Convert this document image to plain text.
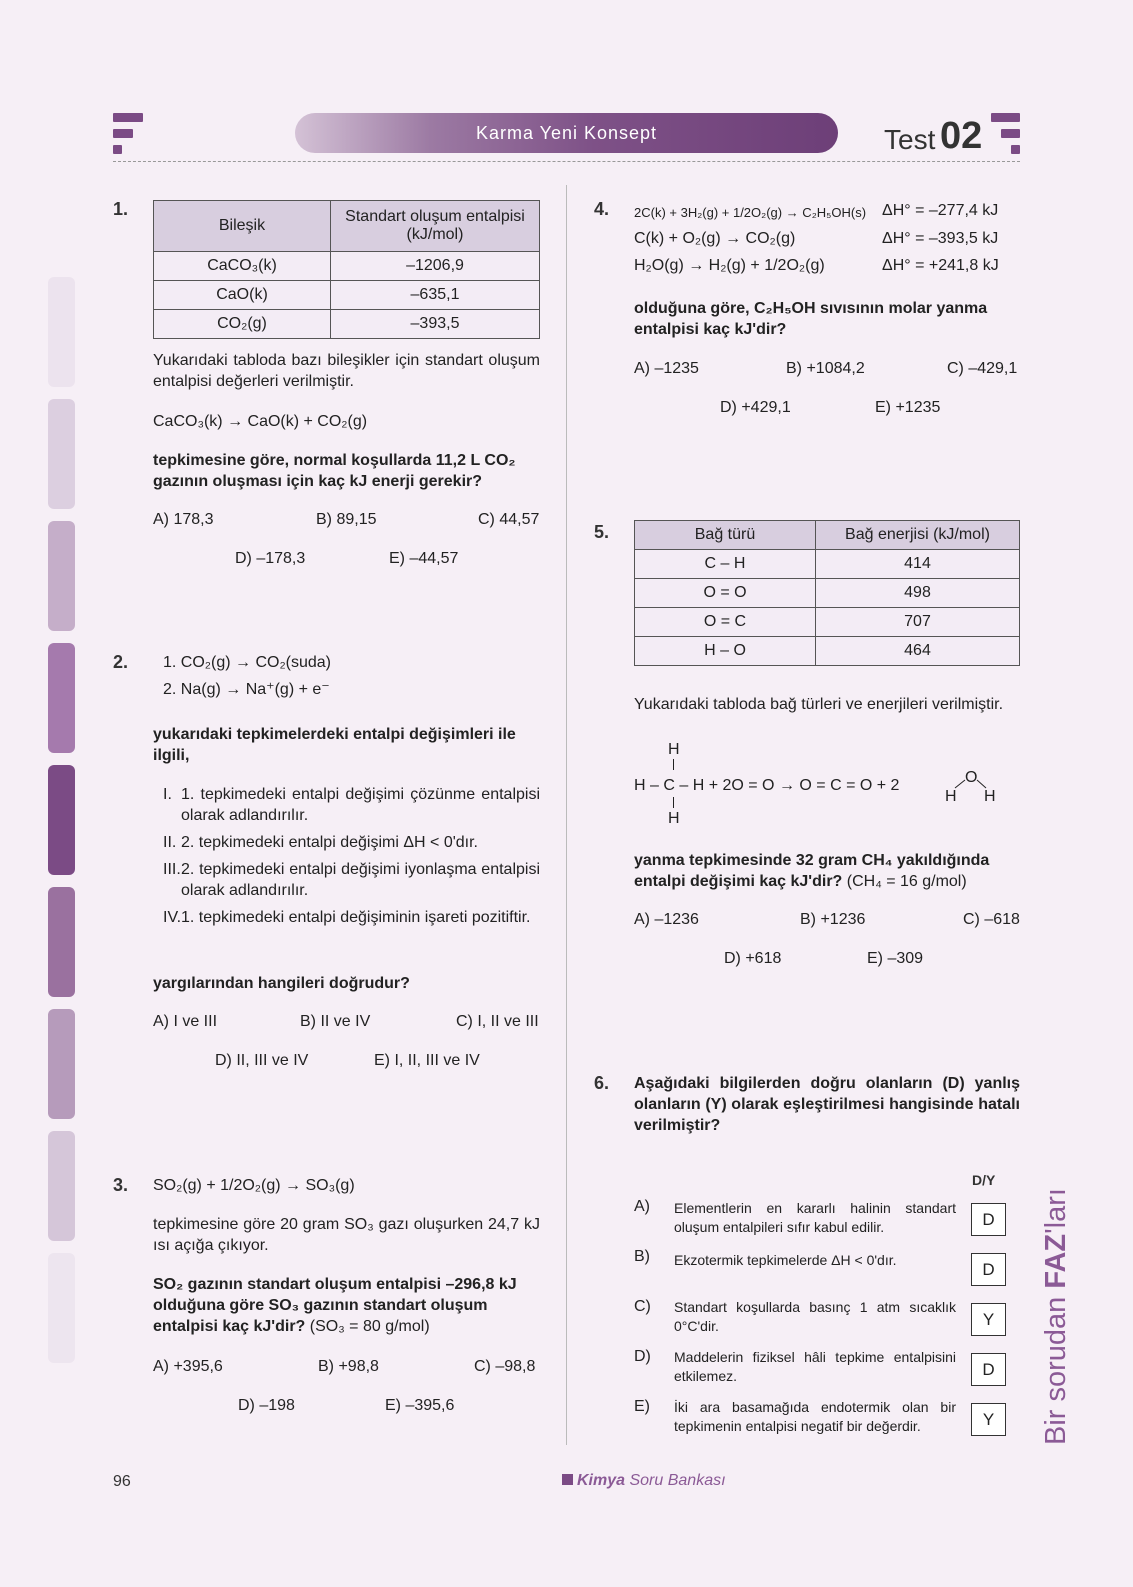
Karma Yeni Konsept	Test 02
1.
Bileşik	Standart oluşum entalpisi (kJ/mol)
CaCO₃(k)	–1206,9
CaO(k)	–635,1
CO₂(g)	–393,5
Yukarıdaki tabloda bazı bileşikler için standart oluşum entalpisi değerleri verilmiştir.
CaCO₃(k) → CaO(k) + CO₂(g)
tepkimesine göre, normal koşullarda 11,2 L CO₂ gazının oluşması için kaç kJ enerji gerekir?
A) 178,3	B) 89,15	C) 44,57
D) –178,3	E) –44,57
2. 1. CO₂(g) → CO₂(suda)
2. Na(g) → Na⁺(g) + e⁻
yukarıdaki tepkimelerdeki entalpi değişimleri ile ilgili,
I. 1. tepkimedeki entalpi değişimi çözünme entalpisi olarak adlandırılır.
II. 2. tepkimedeki entalpi değişimi ΔH < 0'dır.
III. 2. tepkimedeki entalpi değişimi iyonlaşma entalpisi olarak adlandırılır.
IV. 1. tepkimedeki entalpi değişiminin işareti pozitiftir.
yargılarından hangileri doğrudur?
A) I ve III	B) II ve IV	C) I, II ve III
D) II, III ve IV	E) I, II, III ve IV
3. SO₂(g) + 1/2O₂(g) → SO₃(g)
tepkimesine göre 20 gram SO₃ gazı oluşurken 24,7 kJ ısı açığa çıkıyor.
SO₂ gazının standart oluşum entalpisi –296,8 kJ olduğuna göre SO₃ gazının standart oluşum entalpisi kaç kJ'dir? (SO₃ = 80 g/mol)
A) +395,6	B) +98,8	C) –98,8
D) –198	E) –395,6
4. 2C(k) + 3H₂(g) + 1/2O₂(g) → C₂H₅OH(s) ΔH° = –277,4 kJ
C(k) + O₂(g) → CO₂(g)	ΔH° = –393,5 kJ
H₂O(g) → H₂(g) + 1/2O₂(g)	ΔH° = +241,8 kJ
olduğuna göre, C₂H₅OH sıvısının molar yanma entalpisi kaç kJ'dir?
A) –1235	B) +1084,2	C) –429,1
D) +429,1	E) +1235
5.	Bağ türü	Bağ enerjisi (kJ/mol)
C – H	414
O = O	498
O = C	707
H – O	464
Yukarıdaki tabloda bağ türleri ve enerjileri verilmiştir.
H
H – C – H + 2O = O → O = C = O + 2
H
O
H H
yanma tepkimesinde 32 gram CH₄ yakıldığında entalpi değişimi kaç kJ'dir? (CH₄ = 16 g/mol)
A) –1236	B) +1236	C) –618
D) +618	E) –309
6. Aşağıdaki bilgilerden doğru olanların (D) yanlış olanların (Y) olarak eşleştirilmesi hangisinde hatalı verilmiştir?
D/Y
A) Elementlerin en kararlı halinin standart oluşum entalpileri sıfır kabul edilir.	D
B) Ekzotermik tepkimelerde ΔH < 0'dır.	D
C) Standart koşullarda basınç 1 atm sıcaklık 0°C'dir.	Y
D) Maddelerin fiziksel hâli tepkime entalpisini etkilemez.	D
E) İki ara basamağıda endotermik olan bir tepkimenin entalpisi negatif bir değerdir.	Y	Bir sorudan FAZ'ları
96	Kimya Soru Bankası
